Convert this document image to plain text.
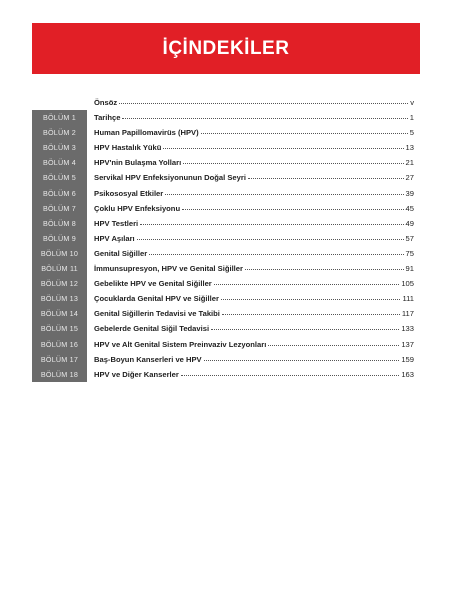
İÇİNDEKİLER
Önsöz	v
BÖLÜM 1	Tarihçe	1
BÖLÜM 2	Human Papillomavirüs (HPV)	5
BÖLÜM 3	HPV Hastalık Yükü	13
BÖLÜM 4	HPV'nin Bulaşma Yolları	21
BÖLÜM 5	Servikal HPV Enfeksiyonunun Doğal Seyri	27
BÖLÜM 6	Psikososyal Etkiler	39
BÖLÜM 7	Çoklu HPV Enfeksiyonu	45
BÖLÜM 8	HPV Testleri	49
BÖLÜM 9	HPV Aşıları	57
BÖLÜM 10	Genital Siğiller	75
BÖLÜM 11	İmmunsupresyon, HPV ve Genital Siğiller	91
BÖLÜM 12	Gebelikte HPV ve Genital Siğiller	105
BÖLÜM 13	Çocuklarda Genital HPV ve Siğiller	111
BÖLÜM 14	Genital Siğillerin Tedavisi ve Takibi	117
BÖLÜM 15	Gebelerde Genital Siğil Tedavisi	133
BÖLÜM 16	HPV ve Alt Genital Sistem Preinvaziv Lezyonları	137
BÖLÜM 17	Baş-Boyun Kanserleri ve HPV	159
BÖLÜM 18	HPV ve Diğer Kanserler	163
